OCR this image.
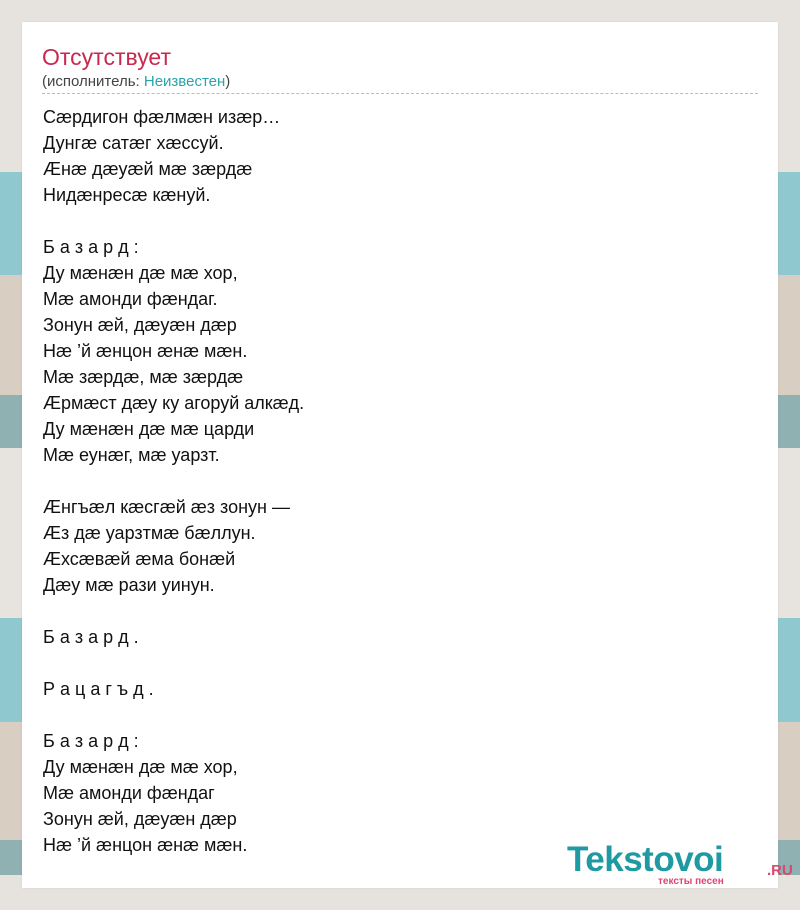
Отсутствует
(исполнитель: Неизвестен)
Сæрдигон фæлмæн изæр…
Дунгæ сатæг хæссуй.
Æнæ дæуæй мæ зæрдæ
Нидæнресæ кæнуй.
Б а з а р д :
Ду мæнæн дæ мæ хор,
Мæ амонди фæндаг.
Зонун æй, дæуæн дæр
Нæ ’й æнцон æнæ мæн.
Мæ зæрдæ, мæ зæрдæ
Æрмæст дæу ку агоруй алкæд.
Ду мæнæн дæ мæ царди
Мæ еунæг, мæ уарзт.
Æнгъæл кæсгæй æз зонун —
Æз дæ уарзтмæ бæллун.
Æхсæвæй æма бонæй
Дæу мæ рази уинун.
Б а з а р д .
Р а ц а г ъ д .
Б а з а р д :
Ду мæнæн дæ мæ хор,
Мæ амонди фæндаг
Зонун æй, дæуæн дæр
Нæ ’й æнцон æнæ мæн.	Tekstovoi	.RU
тексты песен
